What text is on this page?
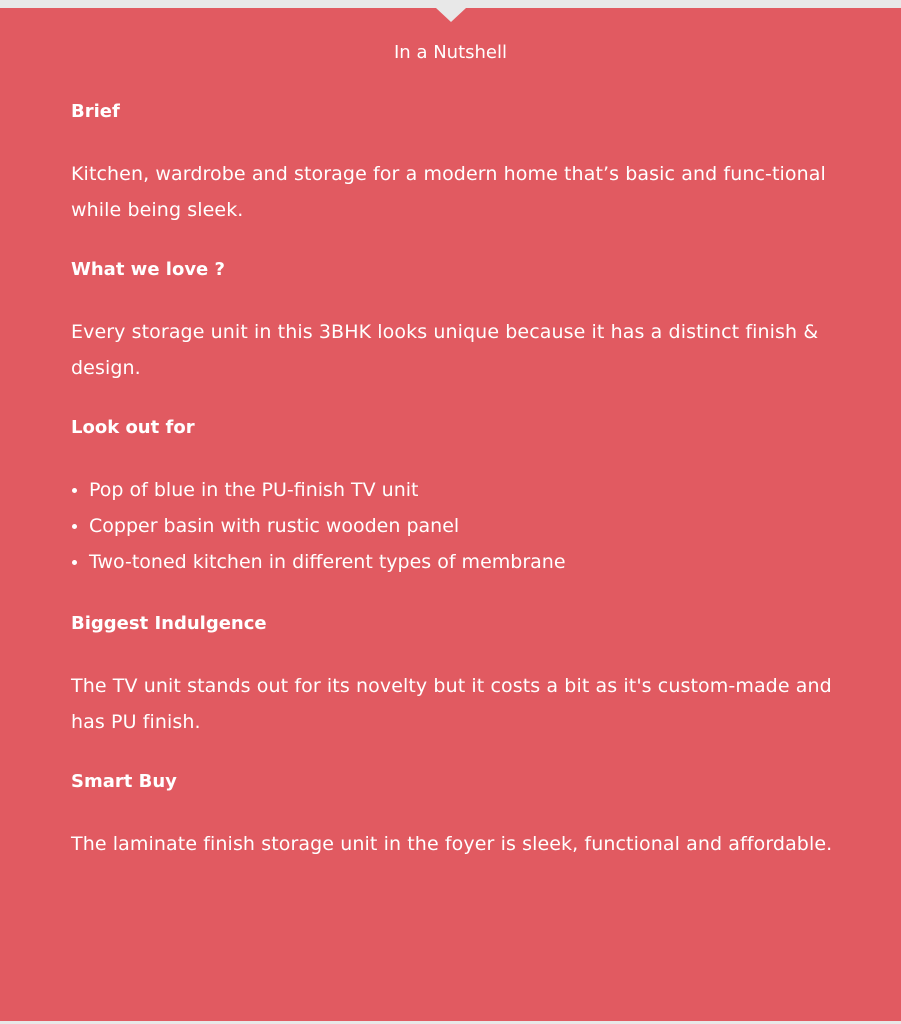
In a Nutshell
Brief
Kitchen, wardrobe and storage for a modern home that’s basic and func-tional while being sleek.
What we love ?
Every storage unit in this 3BHK looks unique because it has a distinct finish & design.
Look out for
Pop of blue in the PU-finish TV unit
Copper basin with rustic wooden panel
Two-toned kitchen in different types of membrane
Biggest Indulgence
The TV unit stands out for its novelty but it costs a bit as it's custom-made and has PU finish.
Smart Buy
The laminate finish storage unit in the foyer is sleek, functional and affordable.
